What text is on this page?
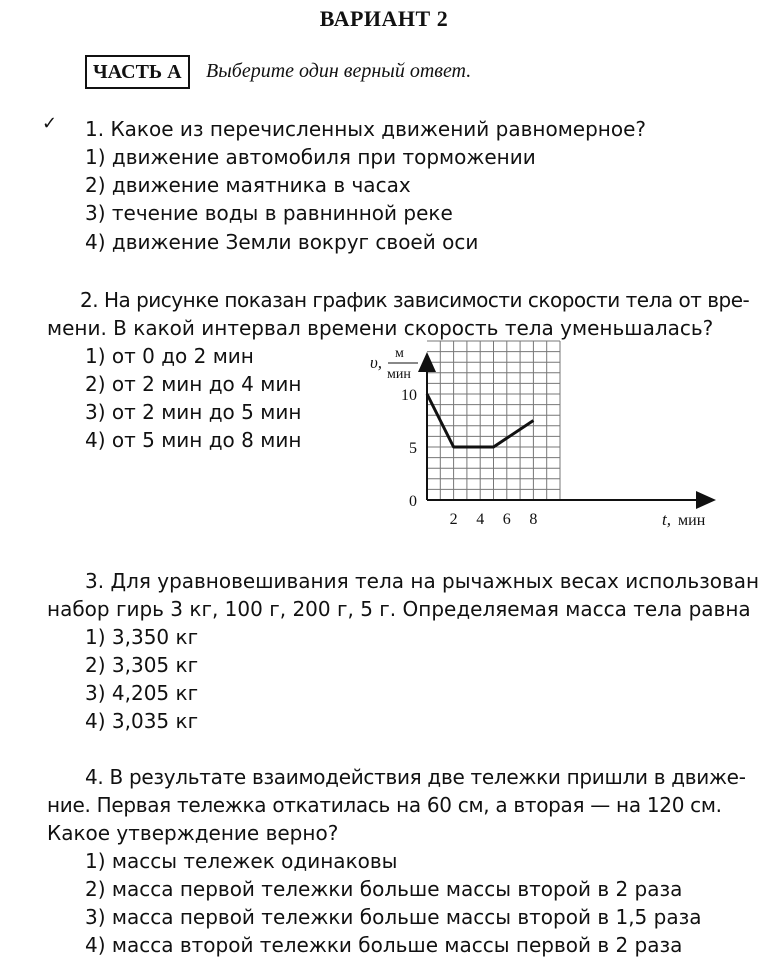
ВАРИАНТ 2
ЧАСТЬ А	Выберите один верный ответ.
✓ 1. Какое из перечисленных движений равномерное?
1) движение автомобиля при торможении
2) движение маятника в часах
3) течение воды в равнинной реке
4) движение Земли вокруг своей оси
2. На рисунке показан график зависимости скорости тела от вре-
мени. В какой интервал времени скорость тела уменьшалась?
1) от 0 до 2 мин
2) от 2 мин до 4 мин
3) от 2 мин до 5 мин
4) от 5 мин до 8 мин
υ, м
мин
t, мин
0
5
10
2 4 6 8
3. Для уравновешивания тела на рычажных весах использован
набор гирь 3 кг, 100 г, 200 г, 5 г. Определяемая масса тела равна
1) 3,350 кг
2) 3,305 кг
3) 4,205 кг
4) 3,035 кг
4. В результате взаимодействия две тележки пришли в движе-
ние. Первая тележка откатилась на 60 см, а вторая — на 120 см.
Какое утверждение верно?
1) массы тележек одинаковы
2) масса первой тележки больше массы второй в 2 раза
3) масса первой тележки больше массы второй в 1,5 раза
4) масса второй тележки больше массы первой в 2 раза
